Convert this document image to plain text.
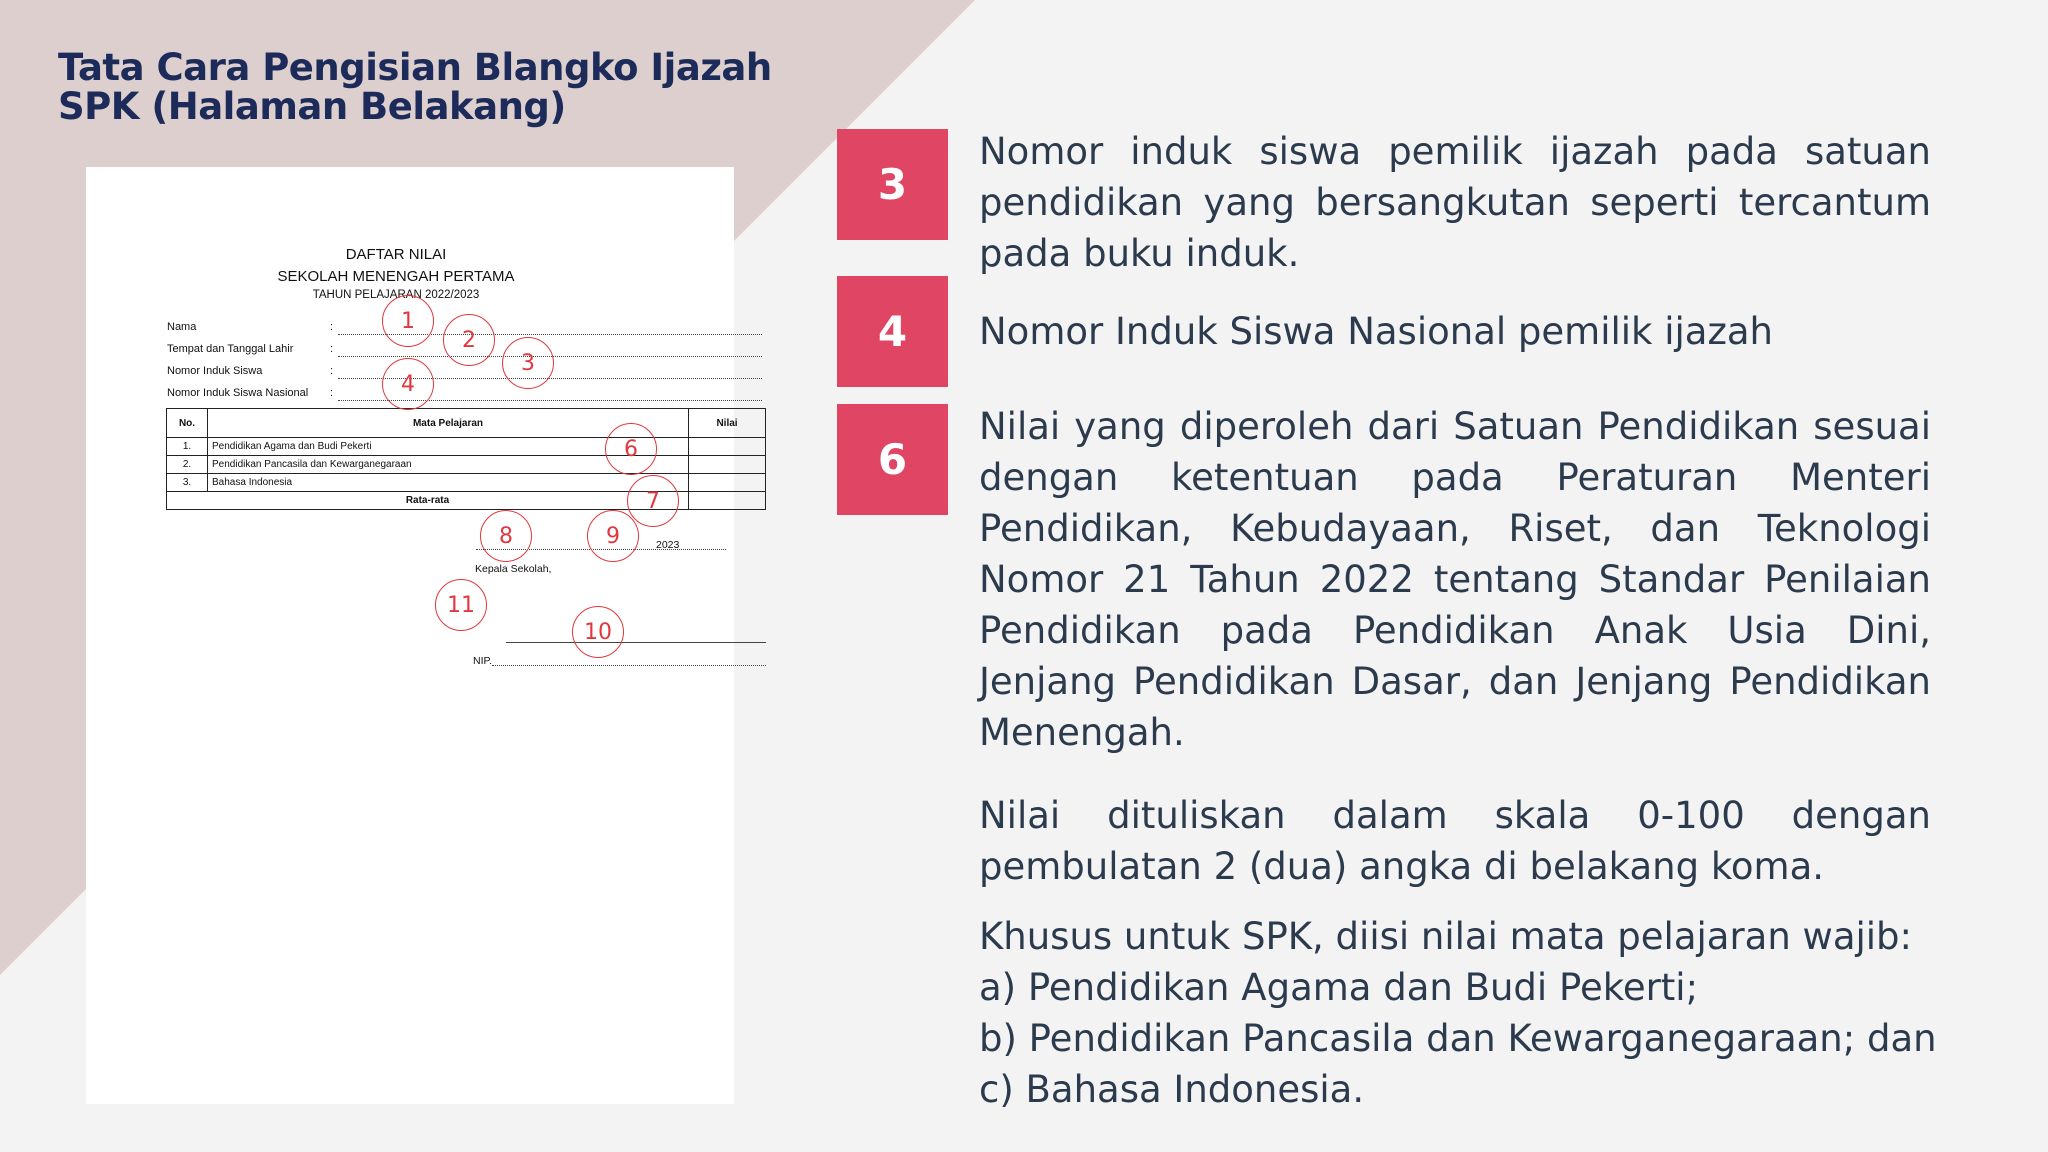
Tata Cara Pengisian Blangko Ijazah
SPK (Halaman Belakang)
DAFTAR NILAI
SEKOLAH MENENGAH PERTAMA
TAHUN PELAJARAN 2022/2023
Nama	:
Tempat dan Tanggal Lahir	:
Nomor Induk Siswa	:
Nomor Induk Siswa Nasional :
No.	Mata Pelajaran	Nilai
1.	Pendidikan Agama dan Budi Pekerti	
2.	Pendidikan Pancasila dan Kewarganegaraan	
3.	Bahasa Indonesia	
Rata-rata		
2023
Kepala Sekolah,
NIP.
1
2
3
4
6
7
8	9
11
10
3
Nomor induk siswa pemilik ijazah pada satuan pendidikan yang bersangkutan seperti tercantum pada buku induk.
4	Nomor Induk Siswa Nasional pemilik ijazah
6
Nilai yang diperoleh dari Satuan Pendidikan sesuai dengan ketentuan pada Peraturan Menteri Pendidikan, Kebudayaan, Riset, dan Teknologi Nomor 21 Tahun 2022 tentang Standar Penilaian Pendidikan pada Pendidikan Anak Usia Dini, Jenjang Pendidikan Dasar, dan Jenjang Pendidikan Menengah.
Nilai dituliskan dalam skala 0-100 dengan pembulatan 2 (dua) angka di belakang koma.
Khusus untuk SPK, diisi nilai mata pelajaran wajib:
a) Pendidikan Agama dan Budi Pekerti;
b) Pendidikan Pancasila dan Kewarganegaraan; dan
c) Bahasa Indonesia.
